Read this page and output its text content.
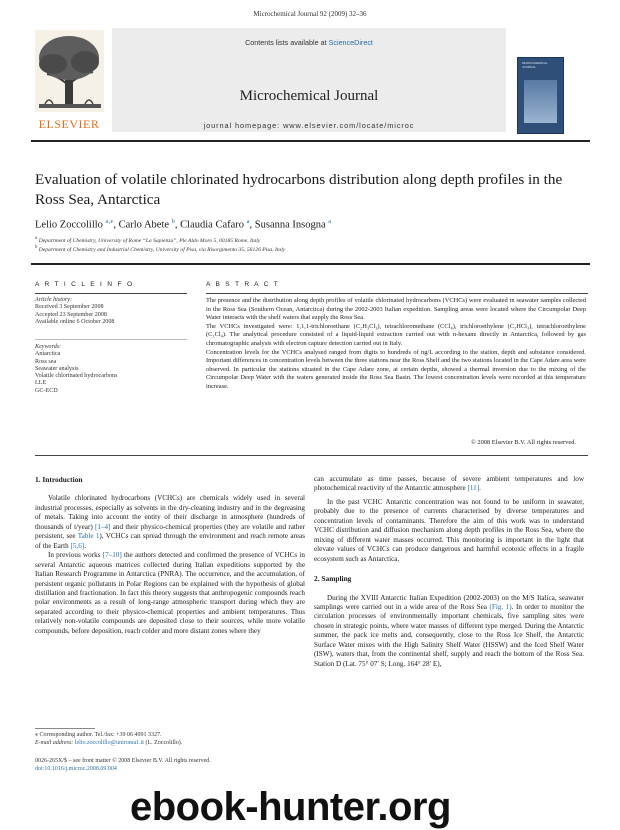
Microchemical Journal 92 (2009) 32–36
ELSEVIER
Contents lists available at ScienceDirect
Microchemical Journal
journal homepage: www.elsevier.com/locate/microc
MICROCHEMICAL JOURNAL
Evaluation of volatile chlorinated hydrocarbons distribution along depth profiles in the Ross Sea, Antarctica
Lelio Zoccolillo $^{a,⁎}$, Carlo Abete $^b$, Claudia Cafaro $^a$, Susanna Insogna $^a$
$^a$ Department of Chemistry, University of Rome “La Sapienza”, Ple Aldo Moro 5, 00185 Rome, Italy
$^b$ Department of Chemistry and Industrial Chemistry, University of Pisa, via Risorgimento 35, 56126 Pisa, Italy
A R T I C L E I N F O
Article history:
Received 3 September 2008
Accepted 23 September 2008
Available online 6 October 2008
Keywords:
Antarctica
Ross sea
Seawater analysis
Volatile chlorinated hydrocarbons
LLE
GC-ECD
A B S T R A C T

The presence and the distribution along depth profiles of volatile chlorinated hydrocarbons (VCHCs) were evaluated in seawater samples collected in the Ross Sea (Southern Ocean, Antarctica) during the 2002-2003 Italian expedition. Sampling areas were located where the Circumpolar Deep Water interacts with the shelf waters that supply the Ross Sea.

The VCHCs investigated were: 1,1,1-trichloroethane (C₂H₃Cl₃), tetrachloromethane (CCl₄), trichloroethylene (C₂HCl₃), tetrachloroethylene (C₂Cl₄). The analytical procedure consisted of a liquid-liquid extraction carried out with n-hexane directly in Antarctica, followed by gas chromatographic analysis with electron capture detection carried out in Italy.

Concentration levels for the VCHCs analysed ranged from digits to hundreds of ng/L according to the station, depth and substance considered. Important differences in concentration levels between the three stations near the Ross Shelf and the two stations located in the Cape Adare area were observed. In particular the stations situated in the Cape Adare zone, at certain depths, showed a thermal inversion due to the mixing of the Circumpolar Deep Water with the waters generated inside the Ross Sea Basin. The lowest concentration levels were recorded at this temperature increase.

© 2008 Elsevier B.V. All rights reserved.
1. Introduction

Volatile chlorinated hydrocarbons (VCHCs) are chemicals widely used in several industrial processes, especially as solvents in the dry-cleaning industry and in the degreasing of metals. Taking into account the entity of their discharge in atmosphere (hundreds of thousands of t/year) [1–4] and their physico-chemical properties (they are volatile and rather persistent, see Table 1), VCHCs can spread through the environment and reach remote areas of the Earth [5,6].

In previous works [7–10] the authors detected and confirmed the presence of VCHCs in several Antarctic aqueous matrices collected during Italian expeditions supported by the Italian Research Programme in Antarctica (PNRA). The occurrence, and the accumulation, of persistent organic pollutants in Polar Regions can be explained with the hypothesis of global distillation and fractionation. In fact this theory suggests that anthropogenic compounds reach polar environments as a result of long-range atmospheric transport during which they are separated according to their physico-chemical properties and ambient temperatures. Thus relatively non-volatile compounds are deposited close to their sources, while more volatile compounds, before deposition, reach colder and more distant zones where they

can accumulate as time passes, because of severe ambient temperatures and low photochemical reactivity of the Antarctic atmosphere [11].

In the past VCHC Antarctic concentration was not found to be uniform in seawater, probably due to the presence of currents characterised by diverse temperatures and concentration levels of contaminants. Therefore the aim of this work was to understand VCHC distribution and diffusion mechanism along depth profiles in the Ross Sea, where the mixing of different water masses occurred. This monitoring is important in the light that elevate values of VCHCs can produce dangerous and harmful ecotoxic effects in a fragile ecosystem such as Antarctica.

2. Sampling

During the XVIII Antarctic Italian Expedition (2002-2003) on the M/S Italica, seawater samplings were carried out in a wide area of the Ross Sea (Fig. 1). In order to monitor the circulation processes of environmentally important chemicals, five sampling sites were chosen in strategic points, where water masses of different type merged. During the Antarctic summer, the pack ice melts and, consequently, close to the Ross Ice Shelf, the Antarctic Surface Water mixes with the High Salinity Shelf Water (HSSW) and the Iced Shelf Water (ISW), waters that, from the continental shelf, supply and reach the bottom of the Ross Sea. Station D (Lat. 75° 07′ S; Long. 164° 28′ E),

⁎ Corresponding author. Tel./fax: +39 06 4991 3327.
E-mail address: lelio.zoccolillo@uniroma1.it (L. Zoccolillo).
0026-265X/$ – see front matter © 2008 Elsevier B.V. All rights reserved.
doi:10.1016/j.microc.2008.09.004
ebook-hunter.org
